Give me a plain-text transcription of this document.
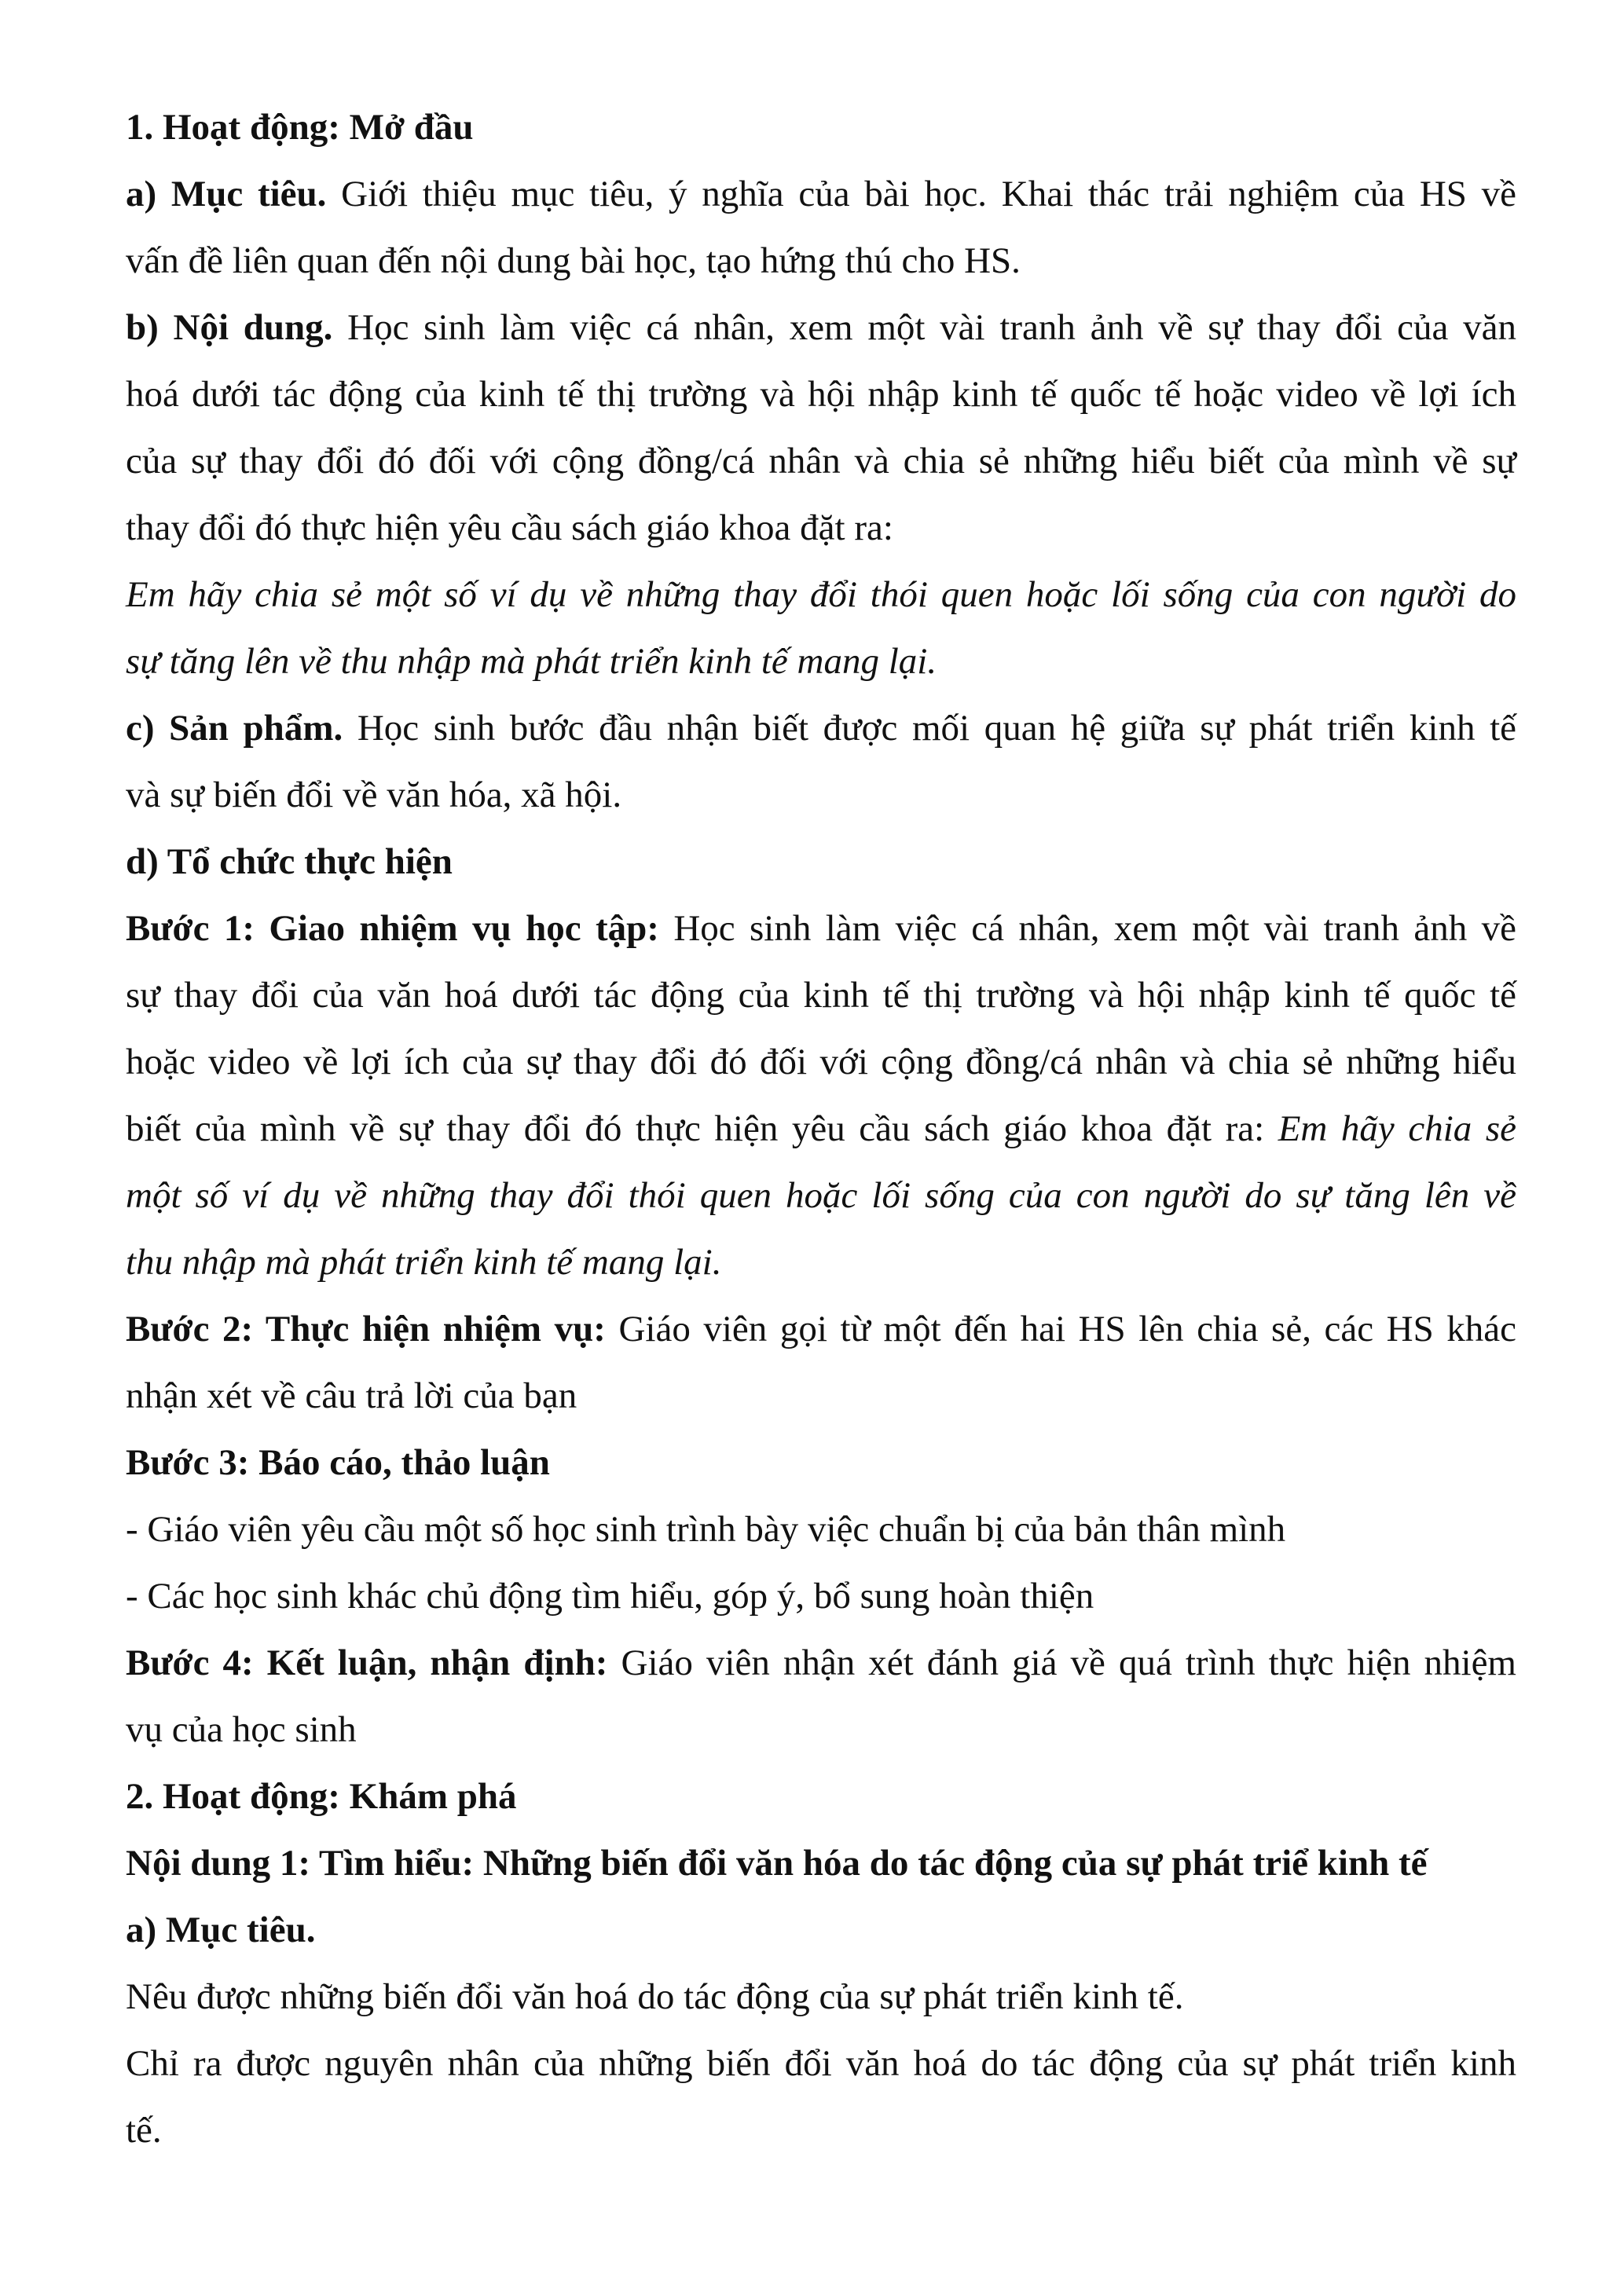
1. Hoạt động: Mở đầu
a) Mục tiêu. Giới thiệu mục tiêu, ý nghĩa của bài học. Khai thác trải nghiệm của HS về
vấn đề liên quan đến nội dung bài học, tạo hứng thú cho HS.
b) Nội dung. Học sinh làm việc cá nhân, xem một vài tranh ảnh về sự thay đổi của văn
hoá dưới tác động của kinh tế thị trường và hội nhập kinh tế quốc tế hoặc video về lợi ích
của sự thay đổi đó đối với cộng đồng/cá nhân và chia sẻ những hiểu biết của mình về sự
thay đổi đó thực hiện yêu cầu sách giáo khoa đặt ra:
Em hãy chia sẻ một số ví dụ về những thay đổi thói quen hoặc lối sống của con người do
sự tăng lên về thu nhập mà phát triển kinh tế mang lại.
c) Sản phẩm. Học sinh bước đầu nhận biết được mối quan hệ giữa sự phát triển kinh tế
và sự biến đổi về văn hóa, xã hội.
d) Tổ chức thực hiện
Bước 1: Giao nhiệm vụ học tập: Học sinh làm việc cá nhân, xem một vài tranh ảnh về
sự thay đổi của văn hoá dưới tác động của kinh tế thị trường và hội nhập kinh tế quốc tế
hoặc video về lợi ích của sự thay đổi đó đối với cộng đồng/cá nhân và chia sẻ những hiểu
biết của mình về sự thay đổi đó thực hiện yêu cầu sách giáo khoa đặt ra: Em hãy chia sẻ
một số ví dụ về những thay đổi thói quen hoặc lối sống của con người do sự tăng lên về
thu nhập mà phát triển kinh tế mang lại.
Bước 2: Thực hiện nhiệm vụ: Giáo viên gọi từ một đến hai HS lên chia sẻ, các HS khác
nhận xét về câu trả lời của bạn
Bước 3: Báo cáo, thảo luận
- Giáo viên yêu cầu một số học sinh trình bày việc chuẩn bị của bản thân mình
- Các học sinh khác chủ động tìm hiểu, góp ý, bổ sung hoàn thiện
Bước 4: Kết luận, nhận định: Giáo viên nhận xét đánh giá về quá trình thực hiện nhiệm
vụ của học sinh
2. Hoạt động: Khám phá
Nội dung 1: Tìm hiểu: Những biến đổi văn hóa do tác động của sự phát triể kinh tế
a) Mục tiêu.
Nêu được những biến đổi văn hoá do tác động của sự phát triển kinh tế.
Chỉ ra được nguyên nhân của những biến đổi văn hoá do tác động của sự phát triển kinh
tế.
